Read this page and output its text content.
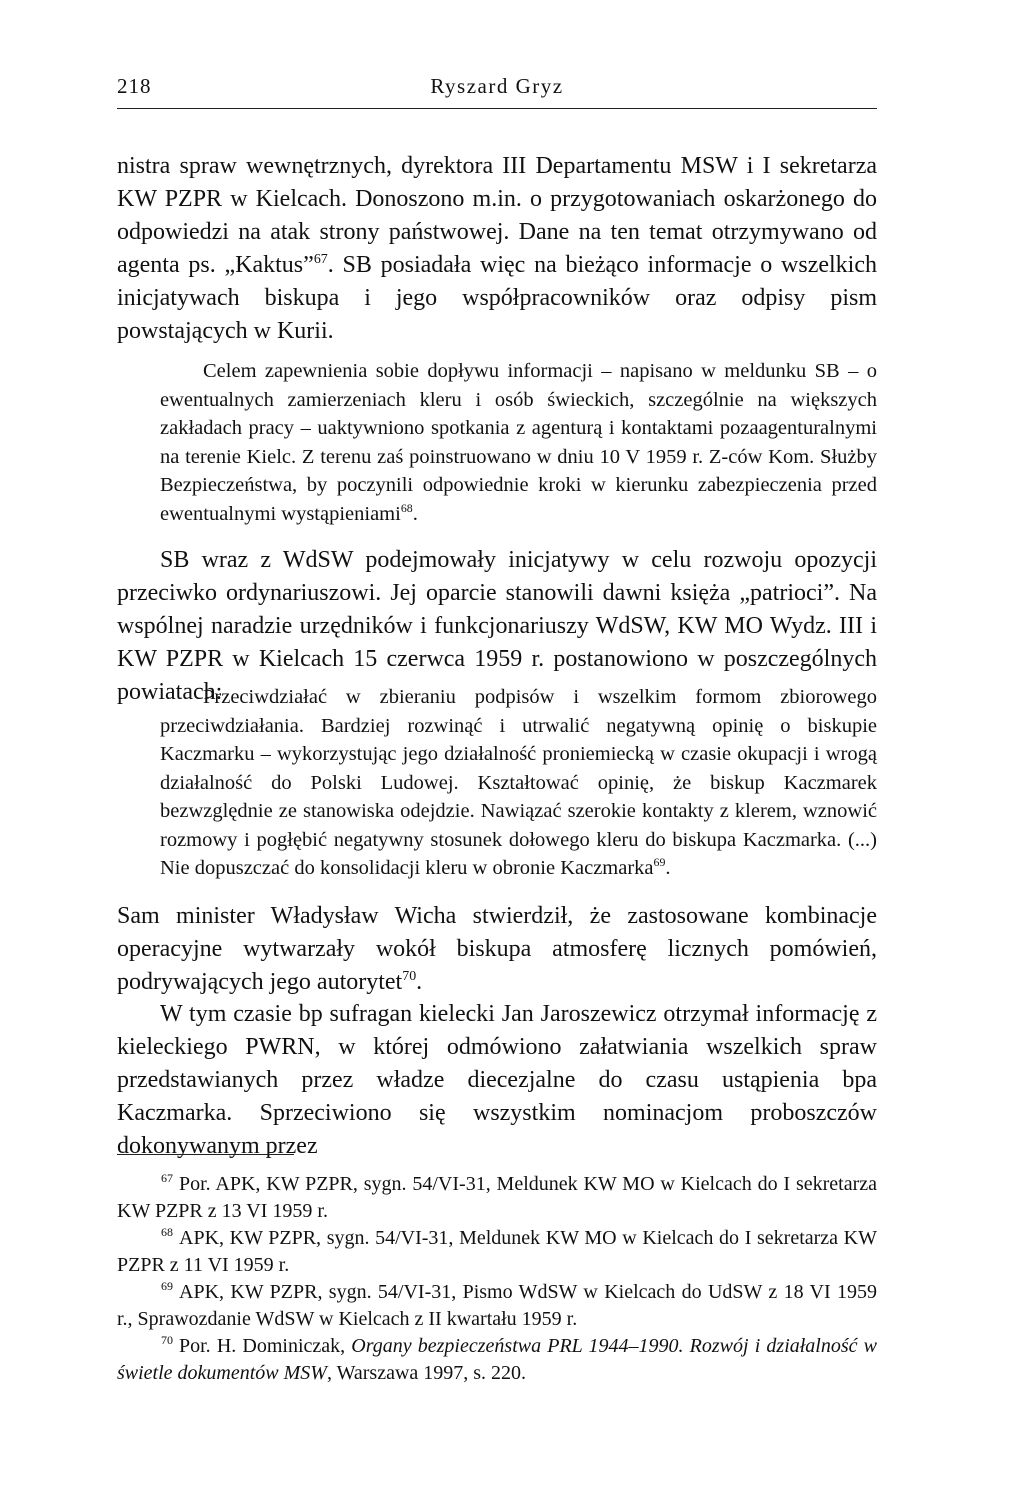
218	Ryszard Gryz

nistra spraw wewnętrznych, dyrektora III Departamentu MSW i I sekretarza KW PZPR w Kielcach. Donoszono m.in. o przygotowaniach oskarżonego do odpowiedzi na atak strony państwowej. Dane na ten temat otrzymywano od agenta ps. „Kaktus”$^{67}$. SB posiadała więc na bieżąco informacje o wszelkich inicjatywach biskupa i jego współpracowników oraz odpisy pism powstających w Kurii.

Celem zapewnienia sobie dopływu informacji – napisano w meldunku SB – o ewentualnych zamierzeniach kleru i osób świeckich, szczególnie na większych zakładach pracy – uaktywniono spotkania z agenturą i kontaktami pozaagenturalnymi na terenie Kielc. Z terenu zaś poinstruowano w dniu 10 V 1959 r. Z-ców Kom. Służby Bezpieczeństwa, by poczynili odpowiednie kroki w kierunku zabezpieczenia przed ewentualnymi wystąpieniami$^{68}$.

SB wraz z WdSW podejmowały inicjatywy w celu rozwoju opozycji przeciwko ordynariuszowi. Jej oparcie stanowili dawni księża „patrioci”. Na wspólnej naradzie urzędników i funkcjonariuszy WdSW, KW MO Wydz. III i KW PZPR w Kielcach 15 czerwca 1959 r. postanowiono w poszczególnych powiatach:

Przeciwdziałać w zbieraniu podpisów i wszelkim formom zbiorowego przeciwdziałania. Bardziej rozwinąć i utrwalić negatywną opinię o biskupie Kaczmarku – wykorzystując jego działalność proniemiecką w czasie okupacji i wrogą działalność do Polski Ludowej. Kształtować opinię, że biskup Kaczmarek bezwzględnie ze stanowiska odejdzie. Nawiązać szerokie kontakty z klerem, wznowić rozmowy i pogłębić negatywny stosunek dołowego kleru do biskupa Kaczmarka. (...) Nie dopuszczać do konsolidacji kleru w obronie Kaczmarka$^{69}$.

Sam minister Władysław Wicha stwierdził, że zastosowane kombinacje operacyjne wytwarzały wokół biskupa atmosferę licznych pomówień, podrywających jego autorytet$^{70}$.

W tym czasie bp sufragan kielecki Jan Jaroszewicz otrzymał informację z kieleckiego PWRN, w której odmówiono załatwiania wszelkich spraw przedstawianych przez władze diecezjalne do czasu ustąpienia bpa Kaczmarka. Sprzeciwiono się wszystkim nominacjom proboszczów dokonywanym przez

$^{67}$ Por. APK, KW PZPR, sygn. 54/VI-31, Meldunek KW MO w Kielcach do I sekretarza KW PZPR z 13 VI 1959 r.

$^{68}$ APK, KW PZPR, sygn. 54/VI-31, Meldunek KW MO w Kielcach do I sekretarza KW PZPR z 11 VI 1959 r.

$^{69}$ APK, KW PZPR, sygn. 54/VI-31, Pismo WdSW w Kielcach do UdSW z 18 VI 1959 r., Sprawozdanie WdSW w Kielcach z II kwartału 1959 r.

$^{70}$ Por. H. Dominiczak, Organy bezpieczeństwa PRL 1944–1990. Rozwój i działalność w świetle dokumentów MSW, Warszawa 1997, s. 220.
